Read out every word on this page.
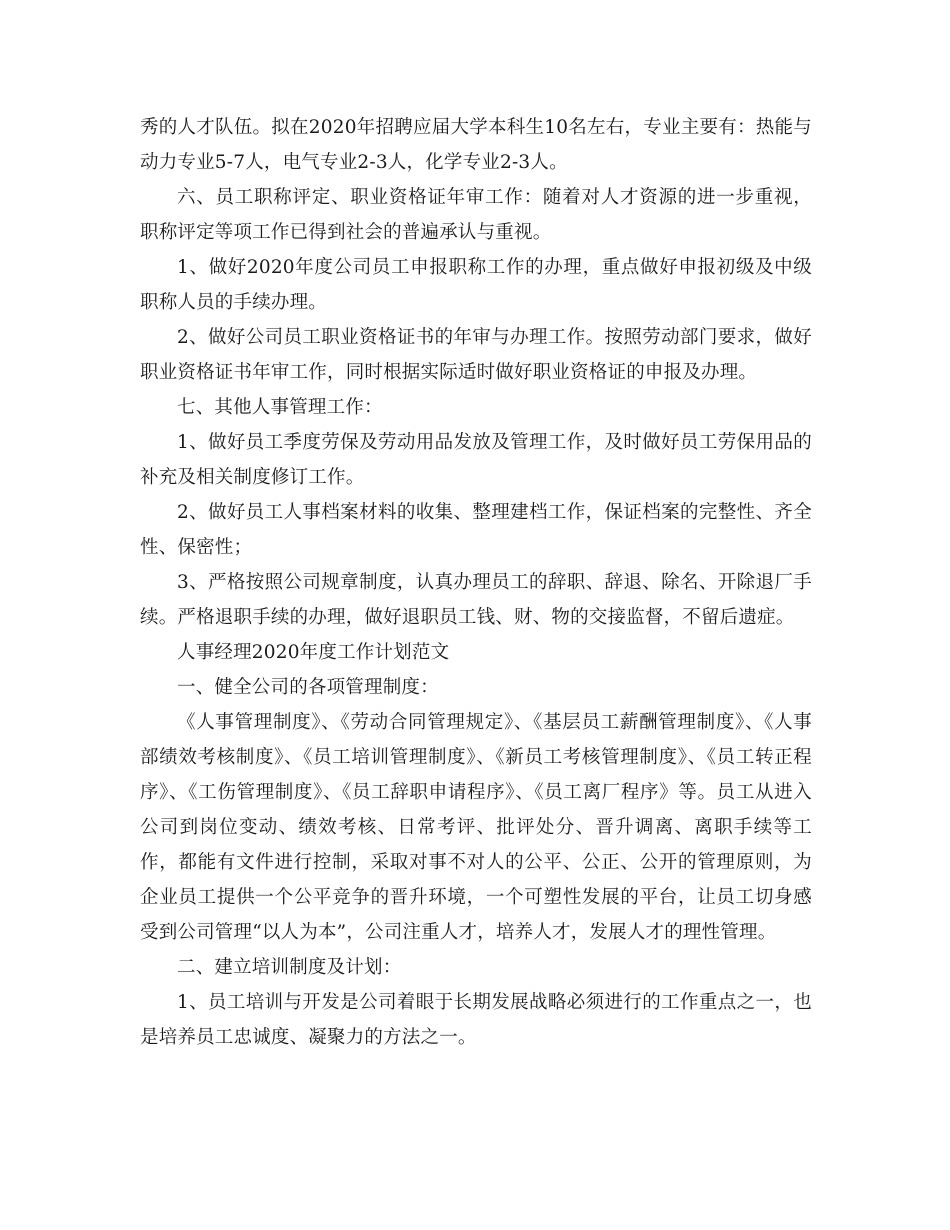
秀的人才队伍。拟在2020年招聘应届大学本科生10名左右，专业主要有：热能与动力专业5-7人，电气专业2-3人，化学专业2-3人。

六、员工职称评定、职业资格证年审工作：随着对人才资源的进一步重视，职称评定等项工作已得到社会的普遍承认与重视。

1、做好2020年度公司员工申报职称工作的办理，重点做好申报初级及中级职称人员的手续办理。

2、做好公司员工职业资格证书的年审与办理工作。按照劳动部门要求，做好职业资格证书年审工作，同时根据实际适时做好职业资格证的申报及办理。

七、其他人事管理工作：

1、做好员工季度劳保及劳动用品发放及管理工作，及时做好员工劳保用品的补充及相关制度修订工作。

2、做好员工人事档案材料的收集、整理建档工作，保证档案的完整性、齐全性、保密性；

3、严格按照公司规章制度，认真办理员工的辞职、辞退、除名、开除退厂手续。严格退职手续的办理，做好退职员工钱、财、物的交接监督，不留后遗症。

人事经理2020年度工作计划范文

一、健全公司的各项管理制度：

《人事管理制度》、《劳动合同管理规定》、《基层员工薪酬管理制度》、《人事部绩效考核制度》、《员工培训管理制度》、《新员工考核管理制度》、《员工转正程序》、《工伤管理制度》、《员工辞职申请程序》、《员工离厂程序》等。员工从进入公司到岗位变动、绩效考核、日常考评、批评处分、晋升调离、离职手续等工作，都能有文件进行控制，采取对事不对人的公平、公正、公开的管理原则，为企业员工提供一个公平竞争的晋升环境，一个可塑性发展的平台，让员工切身感受到公司管理“以人为本”，公司注重人才，培养人才，发展人才的理性管理。

二、建立培训制度及计划：

1、员工培训与开发是公司着眼于长期发展战略必须进行的工作重点之一，也是培养员工忠诚度、凝聚力的方法之一。
